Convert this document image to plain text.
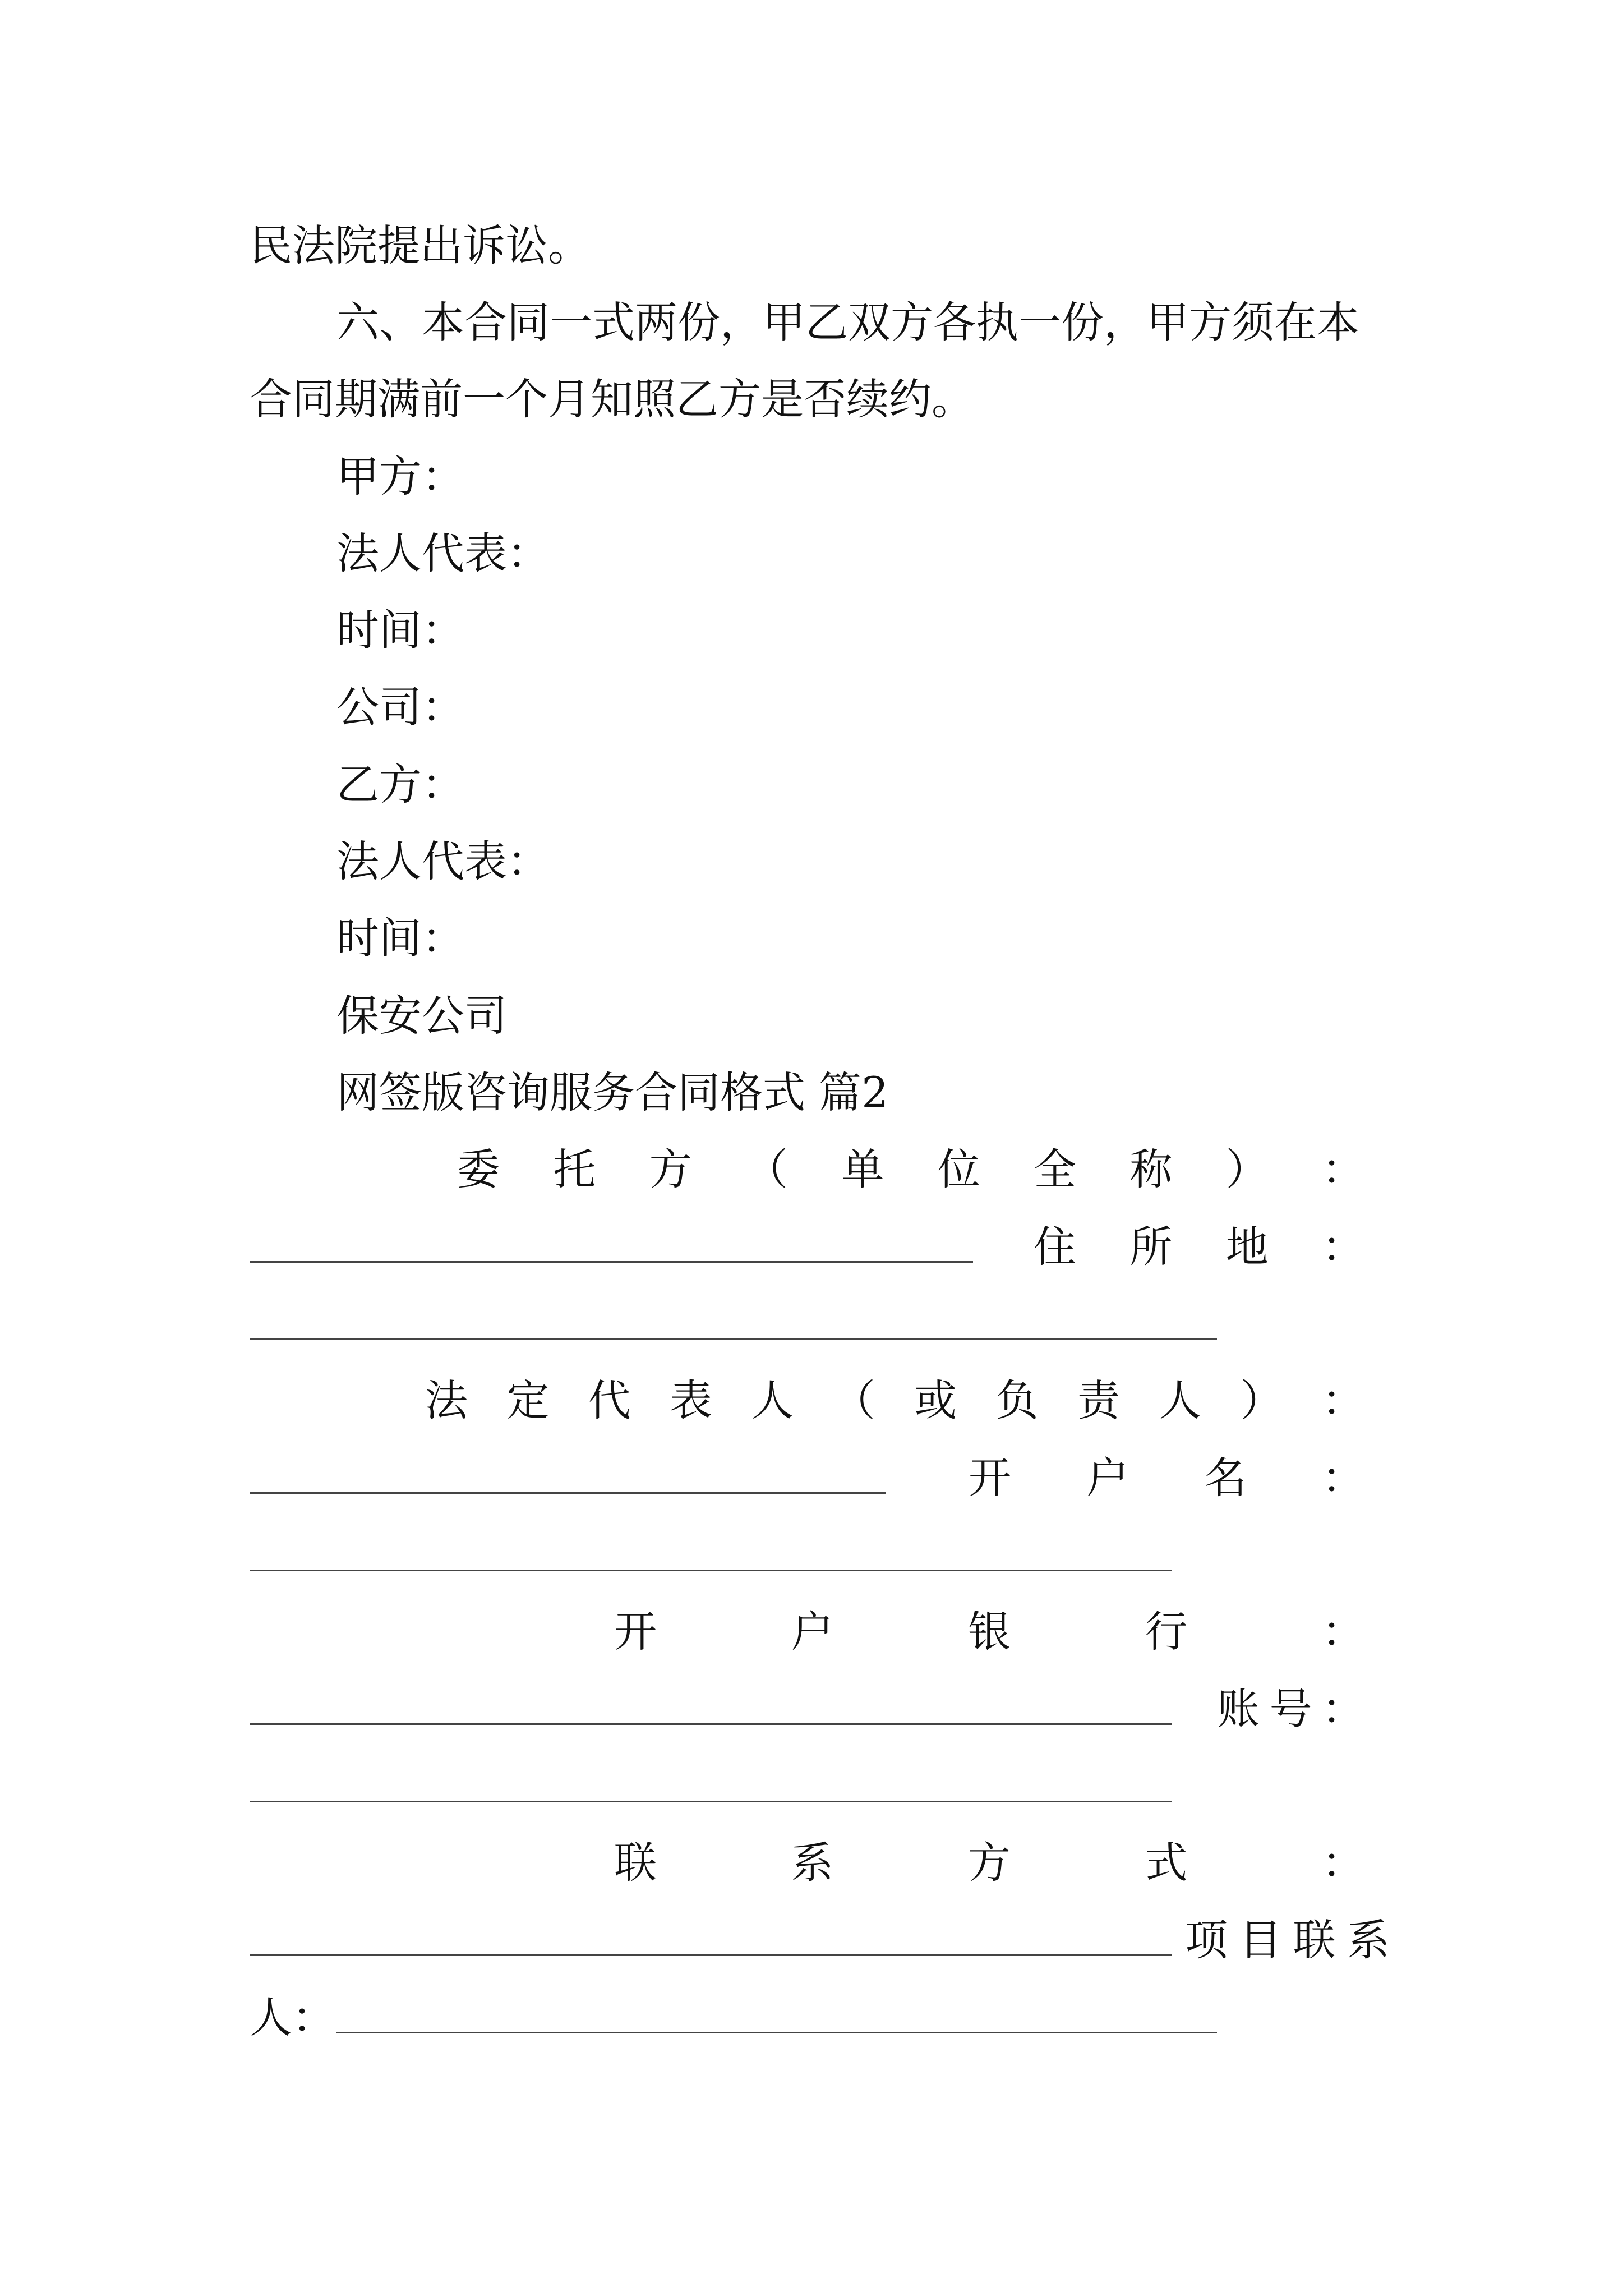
民法院提出诉讼。
六、本合同一式两份，甲乙双方各执一份，甲方须在本
合同期满前一个月知照乙方是否续约。
甲方：
法人代表：
时间：
公司：
乙方：
法人代表：
时间：
保安公司
网签版咨询服务合同格式 篇2
委 托 方 （ 单 位 全 称 ） ：
住 所 地 ：
法 定 代 表 人 （ 或 负 责 人 ） ：
开 户 名 ：
开	户	银	行	：
账 号 ：
联	系	方	式	：
项 目 联 系
人：
